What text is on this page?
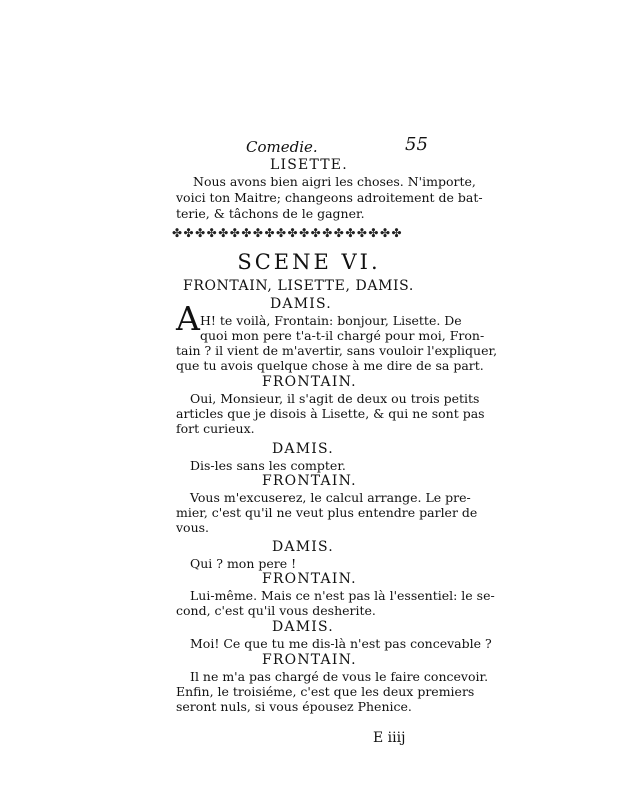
Comedie.	55
LISETTE.
Nous avons bien aigri les choses. N'importe,
voici ton Maitre; changeons adroitement de bat-
terie, & tâchons de le gagner.
✤✤✤✤✤✤✤✤✤✤✤✤✤✤✤✤✤✤✤✤
SCENE VI.
FRONTAIN, LISETTE, DAMIS.
DAMIS.
A H! te voilà, Frontain: bonjour, Lisette. De
quoi mon pere t'a-t-il chargé pour moi, Fron-
tain ? il vient de m'avertir, sans vouloir l'expliquer,
que tu avois quelque chose à me dire de sa part.
FRONTAIN.
Oui, Monsieur, il s'agit de deux ou trois petits
articles que je disois à Lisette, & qui ne sont pas
fort curieux.
DAMIS.
Dis-les sans les compter.
FRONTAIN.
Vous m'excuserez, le calcul arrange. Le pre-
mier, c'est qu'il ne veut plus entendre parler de
vous.
DAMIS.
Qui ? mon pere !
FRONTAIN.
Lui-même. Mais ce n'est pas là l'essentiel: le se-
cond, c'est qu'il vous desherite.
DAMIS.
Moi! Ce que tu me dis-là n'est pas concevable ?
FRONTAIN.
Il ne m'a pas chargé de vous le faire concevoir.
Enfin, le troisiéme, c'est que les deux premiers
seront nuls, si vous épousez Phenice.
E iiij
